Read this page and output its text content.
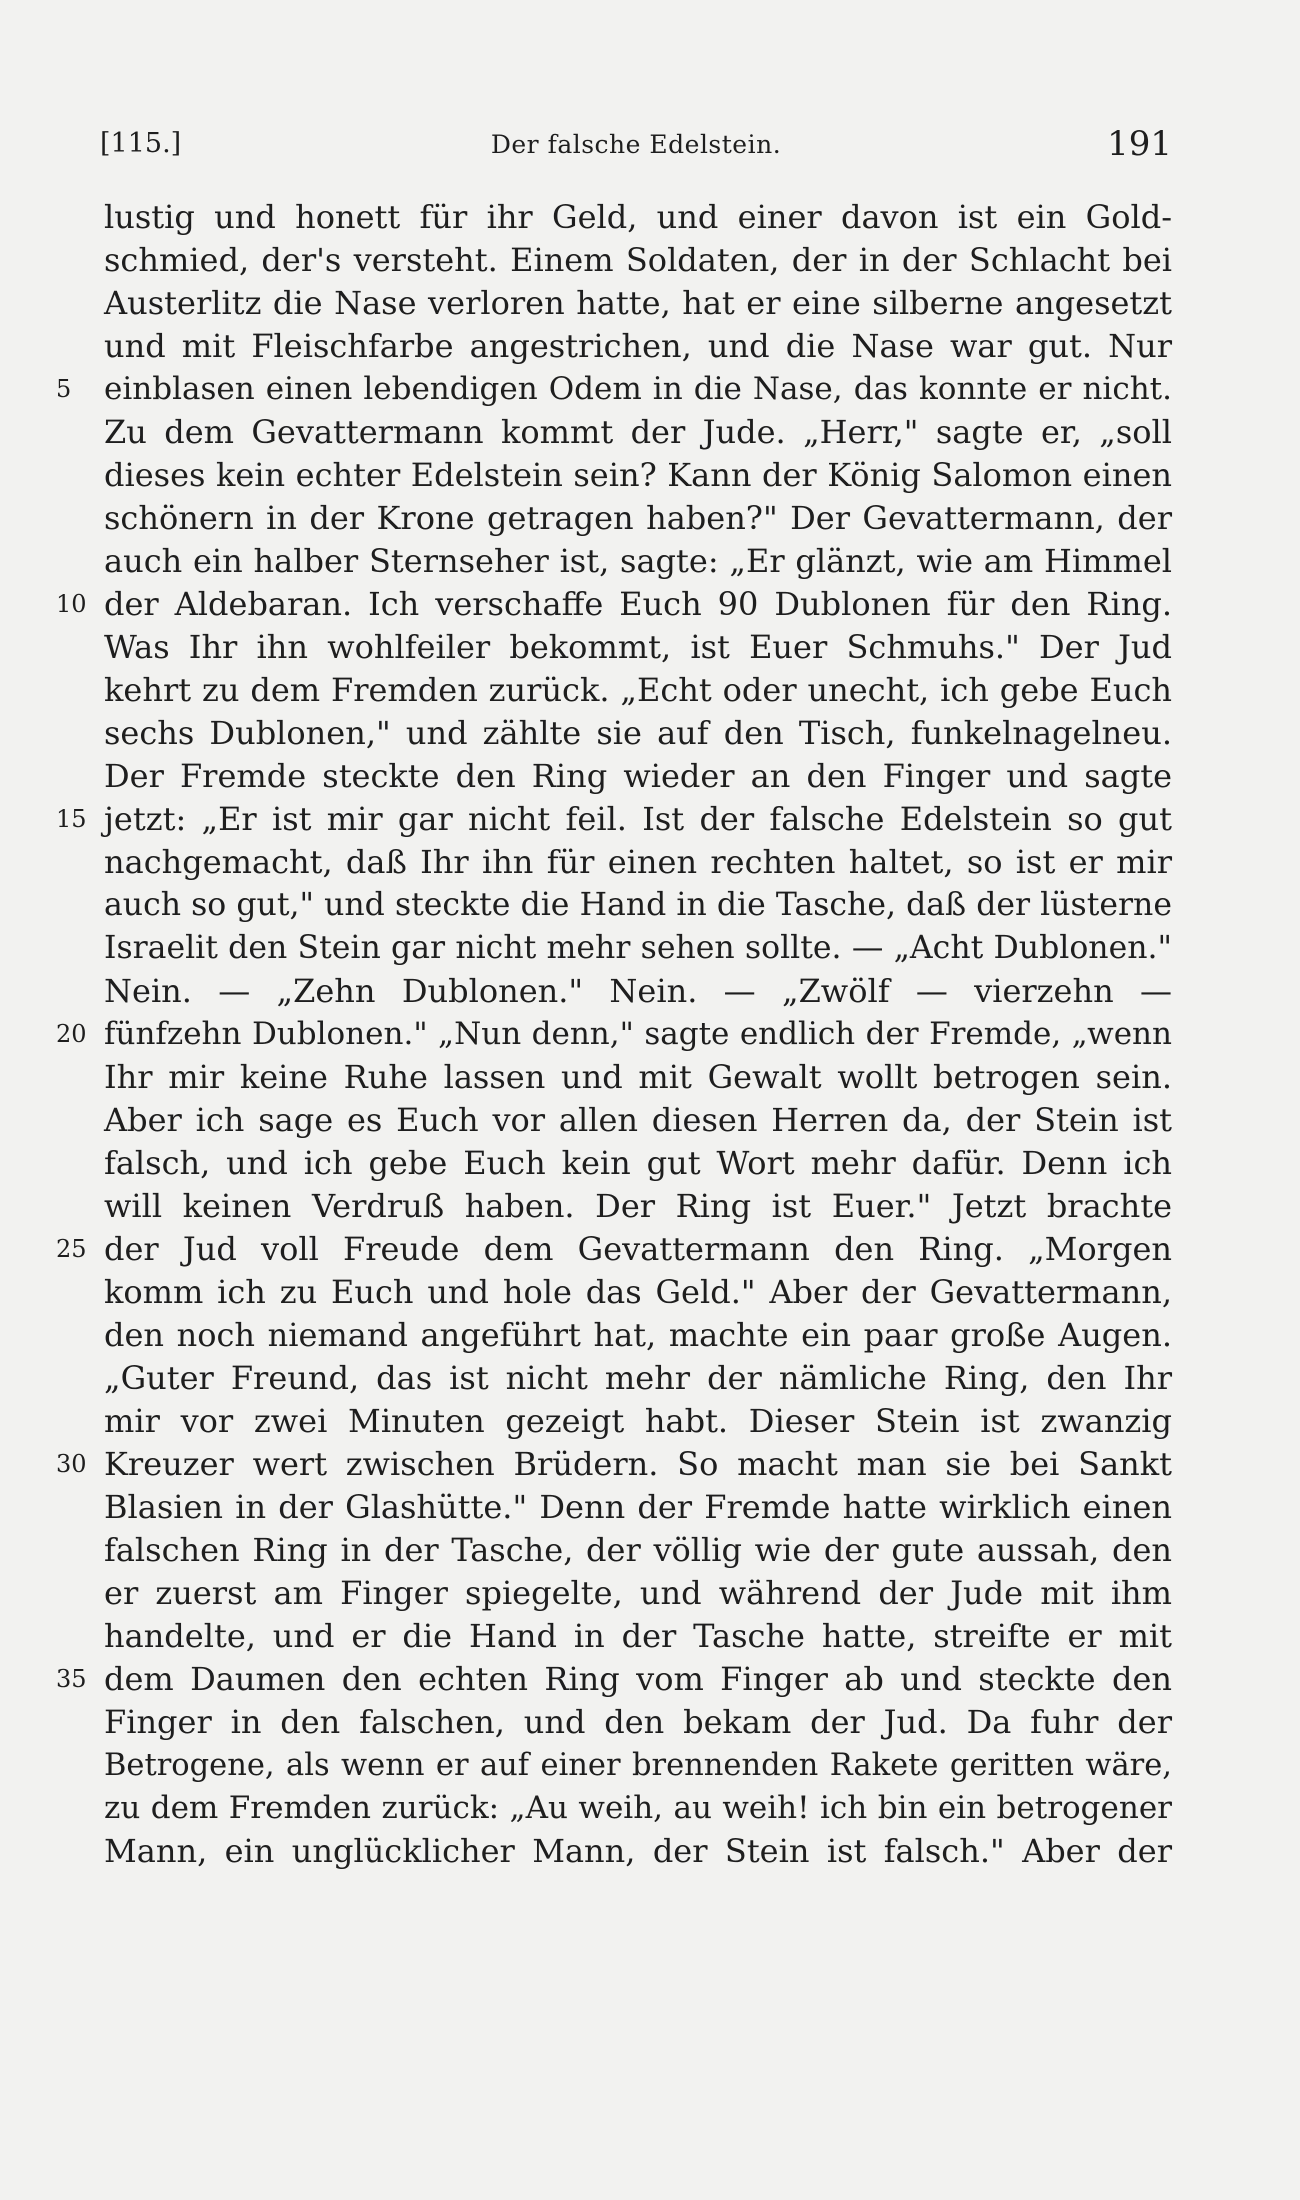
[115.]	Der falsche Edelstein.	191
lustig und honett für ihr Geld, und einer davon ist ein Gold-
schmied, der's versteht. Einem Soldaten, der in der Schlacht bei
Austerlitz die Nase verloren hatte, hat er eine silberne angesetzt
und mit Fleischfarbe angestrichen, und die Nase war gut. Nur
5	einblasen einen lebendigen Odem in die Nase, das konnte er nicht.
Zu dem Gevattermann kommt der Jude. „Herr," sagte er, „soll
dieses kein echter Edelstein sein? Kann der König Salomon einen
schönern in der Krone getragen haben?" Der Gevattermann, der
auch ein halber Sternseher ist, sagte: „Er glänzt, wie am Himmel
10 der Aldebaran. Ich verschaffe Euch 90 Dublonen für den Ring.
Was Ihr ihn wohlfeiler bekommt, ist Euer Schmuhs." Der Jud
kehrt zu dem Fremden zurück. „Echt oder unecht, ich gebe Euch
sechs Dublonen," und zählte sie auf den Tisch, funkelnagelneu.
Der Fremde steckte den Ring wieder an den Finger und sagte
15 jetzt: „Er ist mir gar nicht feil. Ist der falsche Edelstein so gut
nachgemacht, daß Ihr ihn für einen rechten haltet, so ist er mir
auch so gut," und steckte die Hand in die Tasche, daß der lüsterne
Israelit den Stein gar nicht mehr sehen sollte. — „Acht Dublonen."
Nein. — „Zehn Dublonen." Nein. — „Zwölf — vierzehn —
20 fünfzehn Dublonen." „Nun denn," sagte endlich der Fremde, „wenn
Ihr mir keine Ruhe lassen und mit Gewalt wollt betrogen sein.
Aber ich sage es Euch vor allen diesen Herren da, der Stein ist
falsch, und ich gebe Euch kein gut Wort mehr dafür. Denn ich
will keinen Verdruß haben. Der Ring ist Euer." Jetzt brachte
25 der Jud voll Freude dem Gevattermann den Ring. „Morgen
komm ich zu Euch und hole das Geld." Aber der Gevattermann,
den noch niemand angeführt hat, machte ein paar große Augen.
„Guter Freund, das ist nicht mehr der nämliche Ring, den Ihr
mir vor zwei Minuten gezeigt habt. Dieser Stein ist zwanzig
30 Kreuzer wert zwischen Brüdern. So macht man sie bei Sankt
Blasien in der Glashütte." Denn der Fremde hatte wirklich einen
falschen Ring in der Tasche, der völlig wie der gute aussah, den
er zuerst am Finger spiegelte, und während der Jude mit ihm
handelte, und er die Hand in der Tasche hatte, streifte er mit
35 dem Daumen den echten Ring vom Finger ab und steckte den
Finger in den falschen, und den bekam der Jud. Da fuhr der
Betrogene, als wenn er auf einer brennenden Rakete geritten wäre,
zu dem Fremden zurück: „Au weih, au weih! ich bin ein betrogener
Mann, ein unglücklicher Mann, der Stein ist falsch." Aber der
